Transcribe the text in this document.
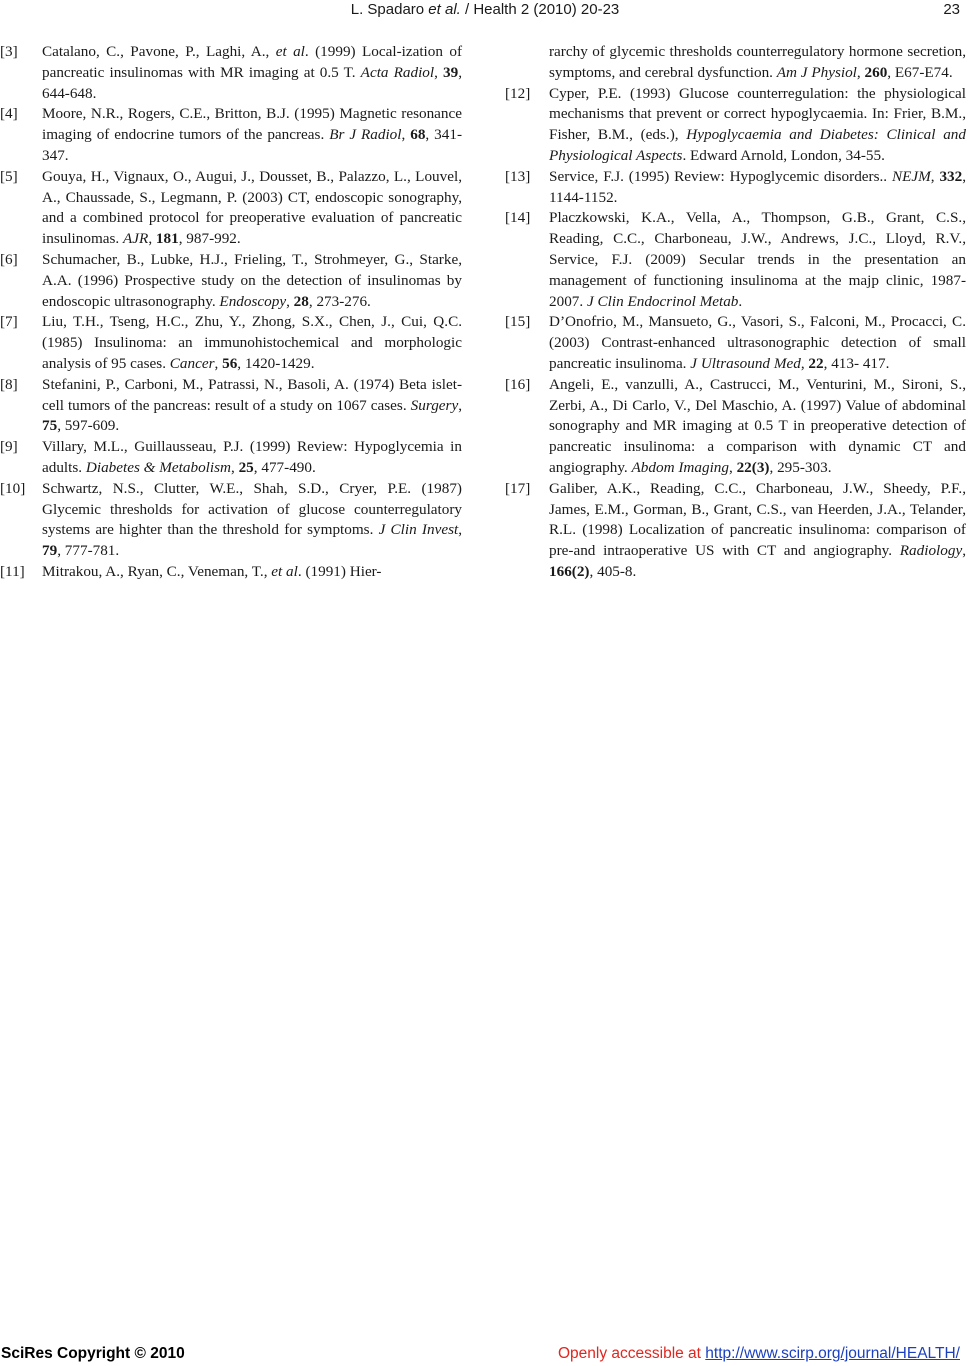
L. Spadaro et al. / Health 2 (2010) 20-23	23
[3]	Catalano, C., Pavone, P., Laghi, A., et al. (1999) Local-ization of pancreatic insulinomas with MR imaging at 0.5 T. Acta Radiol, 39, 644-648.
[4]	Moore, N.R., Rogers, C.E., Britton, B.J. (1995) Magnetic resonance imaging of endocrine tumors of the pancreas. Br J Radiol, 68, 341-347.
[5]	Gouya, H., Vignaux, O., Augui, J., Dousset, B., Palazzo, L., Louvel, A., Chaussade, S., Legmann, P. (2003) CT, endoscopic sonography, and a combined protocol for preoperative evaluation of pancreatic insulinomas. AJR, 181, 987-992.
[6]	Schumacher, B., Lubke, H.J., Frieling, T., Strohmeyer, G., Starke, A.A. (1996) Prospective study on the detection of insulinomas by endoscopic ultrasonography. Endoscopy, 28, 273-276.
[7]	Liu, T.H., Tseng, H.C., Zhu, Y., Zhong, S.X., Chen, J., Cui, Q.C. (1985) Insulinoma: an immunohistochemical and morphologic analysis of 95 cases. Cancer, 56, 1420-1429.
[8]	Stefanini, P., Carboni, M., Patrassi, N., Basoli, A. (1974) Beta islet-cell tumors of the pancreas: result of a study on 1067 cases. Surgery, 75, 597-609.
[9]	Villary, M.L., Guillausseau, P.J. (1999) Review: Hypoglycemia in adults. Diabetes & Metabolism, 25, 477-490.
[10]	Schwartz, N.S., Clutter, W.E., Shah, S.D., Cryer, P.E. (1987) Glycemic thresholds for activation of glucose counterregulatory systems are highter than the threshold for symptoms. J Clin Invest, 79, 777-781.
[11]	Mitrakou, A., Ryan, C., Veneman, T., et al. (1991) Hier-
rarchy of glycemic thresholds counterregulatory hormone secretion, symptoms, and cerebral dysfunction. Am J Physiol, 260, E67-E74.
[12]	Cyper, P.E. (1993) Glucose counterregulation: the physiological mechanisms that prevent or correct hypoglycaemia. In: Frier, B.M., Fisher, B.M., (eds.), Hypoglycaemia and Diabetes: Clinical and Physiological Aspects. Edward Arnold, London, 34-55.
[13]	Service, F.J. (1995) Review: Hypoglycemic disorders.. NEJM, 332, 1144-1152.
[14]	Placzkowski, K.A., Vella, A., Thompson, G.B., Grant, C.S., Reading, C.C., Charboneau, J.W., Andrews, J.C., Lloyd, R.V., Service, F.J. (2009) Secular trends in the presentation an management of functioning insulinoma at the majp clinic, 1987-2007. J Clin Endocrinol Metab.
[15]	D’Onofrio, M., Mansueto, G., Vasori, S., Falconi, M., Procacci, C. (2003) Contrast-enhanced ultrasonographic detection of small pancreatic insulinoma. J Ultrasound Med, 22, 413- 417.
[16]	Angeli, E., vanzulli, A., Castrucci, M., Venturini, M., Sironi, S., Zerbi, A., Di Carlo, V., Del Maschio, A. (1997) Value of abdominal sonography and MR imaging at 0.5 T in preoperative detection of pancreatic insulinoma: a comparison with dynamic CT and angiography. Abdom Imaging, 22(3), 295-303.
[17]	Galiber, A.K., Reading, C.C., Charboneau, J.W., Sheedy, P.F., James, E.M., Gorman, B., Grant, C.S., van Heerden, J.A., Telander, R.L. (1998) Localization of pancreatic insulinoma: comparison of pre-and intraoperative US with CT and angiography. Radiology, 166(2), 405-8.
SciRes Copyright © 2010	Openly accessible at http://www.scirp.org/journal/HEALTH/
